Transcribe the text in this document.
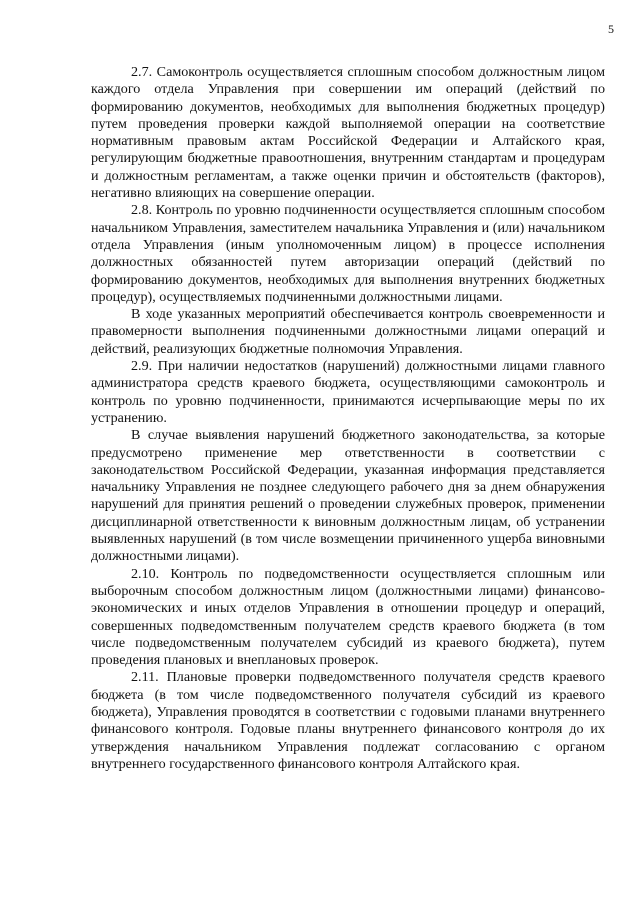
5

2.7. Самоконтроль осуществляется сплошным способом должностным лицом каждого отдела Управления при совершении им операций (действий по формированию документов, необходимых для выполнения бюджетных процедур) путем проведения проверки каждой выполняемой операции на соответствие нормативным правовым актам Российской Федерации и Алтайского края, регулирующим бюджетные правоотношения, внутренним стандартам и процедурам и должностным регламентам, а также оценки причин и обстоятельств (факторов), негативно влияющих на совершение операции.

2.8. Контроль по уровню подчиненности осуществляется сплошным способом начальником Управления, заместителем начальника Управления и (или) начальником отдела Управления (иным уполномоченным лицом) в процессе исполнения должностных обязанностей путем авторизации операций (действий по формированию документов, необходимых для выполнения внутренних бюджетных процедур), осуществляемых подчиненными должностными лицами.

В ходе указанных мероприятий обеспечивается контроль своевременности и правомерности выполнения подчиненными должностными лицами операций и действий, реализующих бюджетные полномочия Управления.

2.9. При наличии недостатков (нарушений) должностными лицами главного администратора средств краевого бюджета, осуществляющими самоконтроль и контроль по уровню подчиненности, принимаются исчерпывающие меры по их устранению.

В случае выявления нарушений бюджетного законодательства, за которые предусмотрено применение мер ответственности в соответствии с законодательством Российской Федерации, указанная информация представляется начальнику Управления не позднее следующего рабочего дня за днем обнаружения нарушений для принятия решений о проведении служебных проверок, применении дисциплинарной ответственности к виновным должностным лицам, об устранении выявленных нарушений (в том числе возмещении причиненного ущерба виновными должностными лицами).

2.10. Контроль по подведомственности осуществляется сплошным или выборочным способом должностным лицом (должностными лицами) финансово-экономических и иных отделов Управления в отношении процедур и операций, совершенных подведомственным получателем средств краевого бюджета (в том числе подведомственным получателем субсидий из краевого бюджета), путем проведения плановых и внеплановых проверок.

2.11. Плановые проверки подведомственного получателя средств краевого бюджета (в том числе подведомственного получателя субсидий из краевого бюджета), Управления проводятся в соответствии с годовыми планами внутреннего финансового контроля. Годовые планы внутреннего финансового контроля до их утверждения начальником Управления подлежат согласованию с органом внутреннего государственного финансового контроля Алтайского края.
